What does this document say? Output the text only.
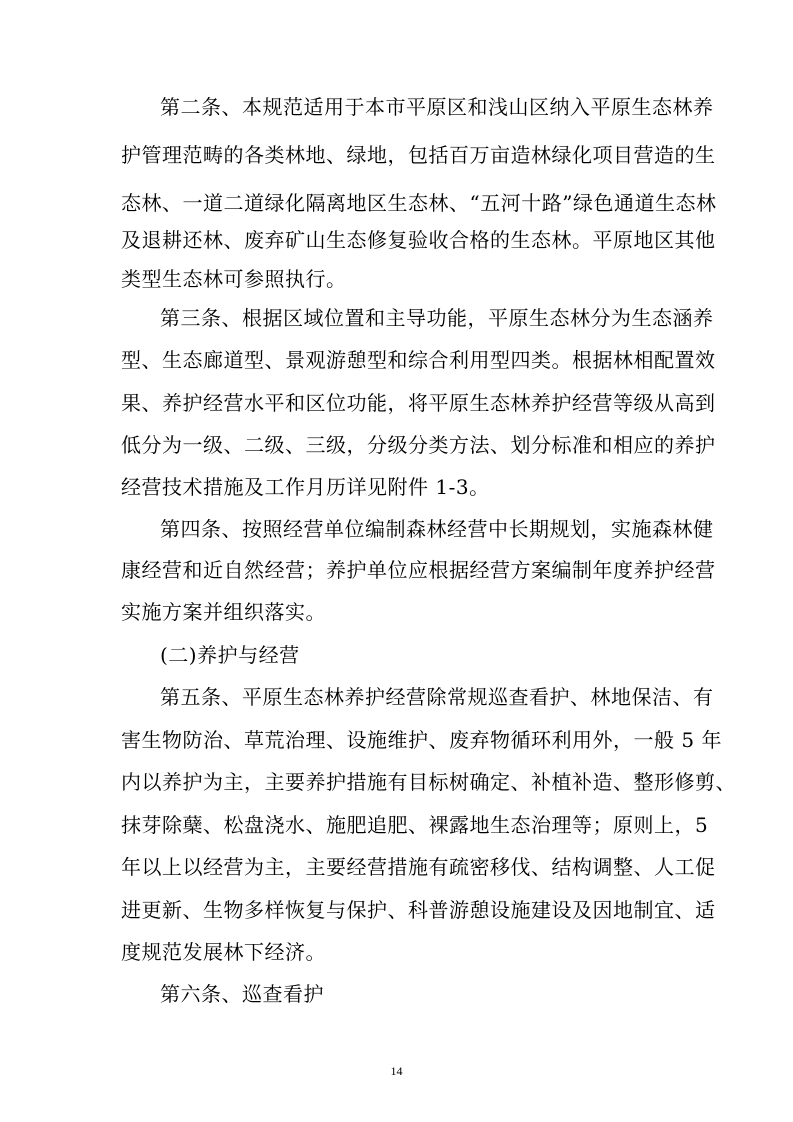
第二条、本规范适用于本市平原区和浅山区纳入平原生态林养
护管理范畴的各类林地、绿地，包括百万亩造林绿化项目营造的生
态林、一道二道绿化隔离地区生态林、“五河十路”绿色通道生态林
及退耕还林、废弃矿山生态修复验收合格的生态林。平原地区其他
类型生态林可参照执行。
第三条、根据区域位置和主导功能，平原生态林分为生态涵养
型、生态廊道型、景观游憩型和综合利用型四类。根据林相配置效
果、养护经营水平和区位功能，将平原生态林养护经营等级从高到
低分为一级、二级、三级，分级分类方法、划分标准和相应的养护
经营技术措施及工作月历详见附件 1-3。
第四条、按照经营单位编制森林经营中长期规划，实施森林健
康经营和近自然经营；养护单位应根据经营方案编制年度养护经营
实施方案并组织落实。
(二)养护与经营
第五条、平原生态林养护经营除常规巡查看护、林地保洁、有
害生物防治、草荒治理、设施维护、废弃物循环利用外，一般 5 年
内以养护为主，主要养护措施有目标树确定、补植补造、整形修剪、
抹芽除蘖、松盘浇水、施肥追肥、裸露地生态治理等；原则上，5
年以上以经营为主，主要经营措施有疏密移伐、结构调整、人工促
进更新、生物多样恢复与保护、科普游憩设施建设及因地制宜、适
度规范发展林下经济。
第六条、巡查看护
14
